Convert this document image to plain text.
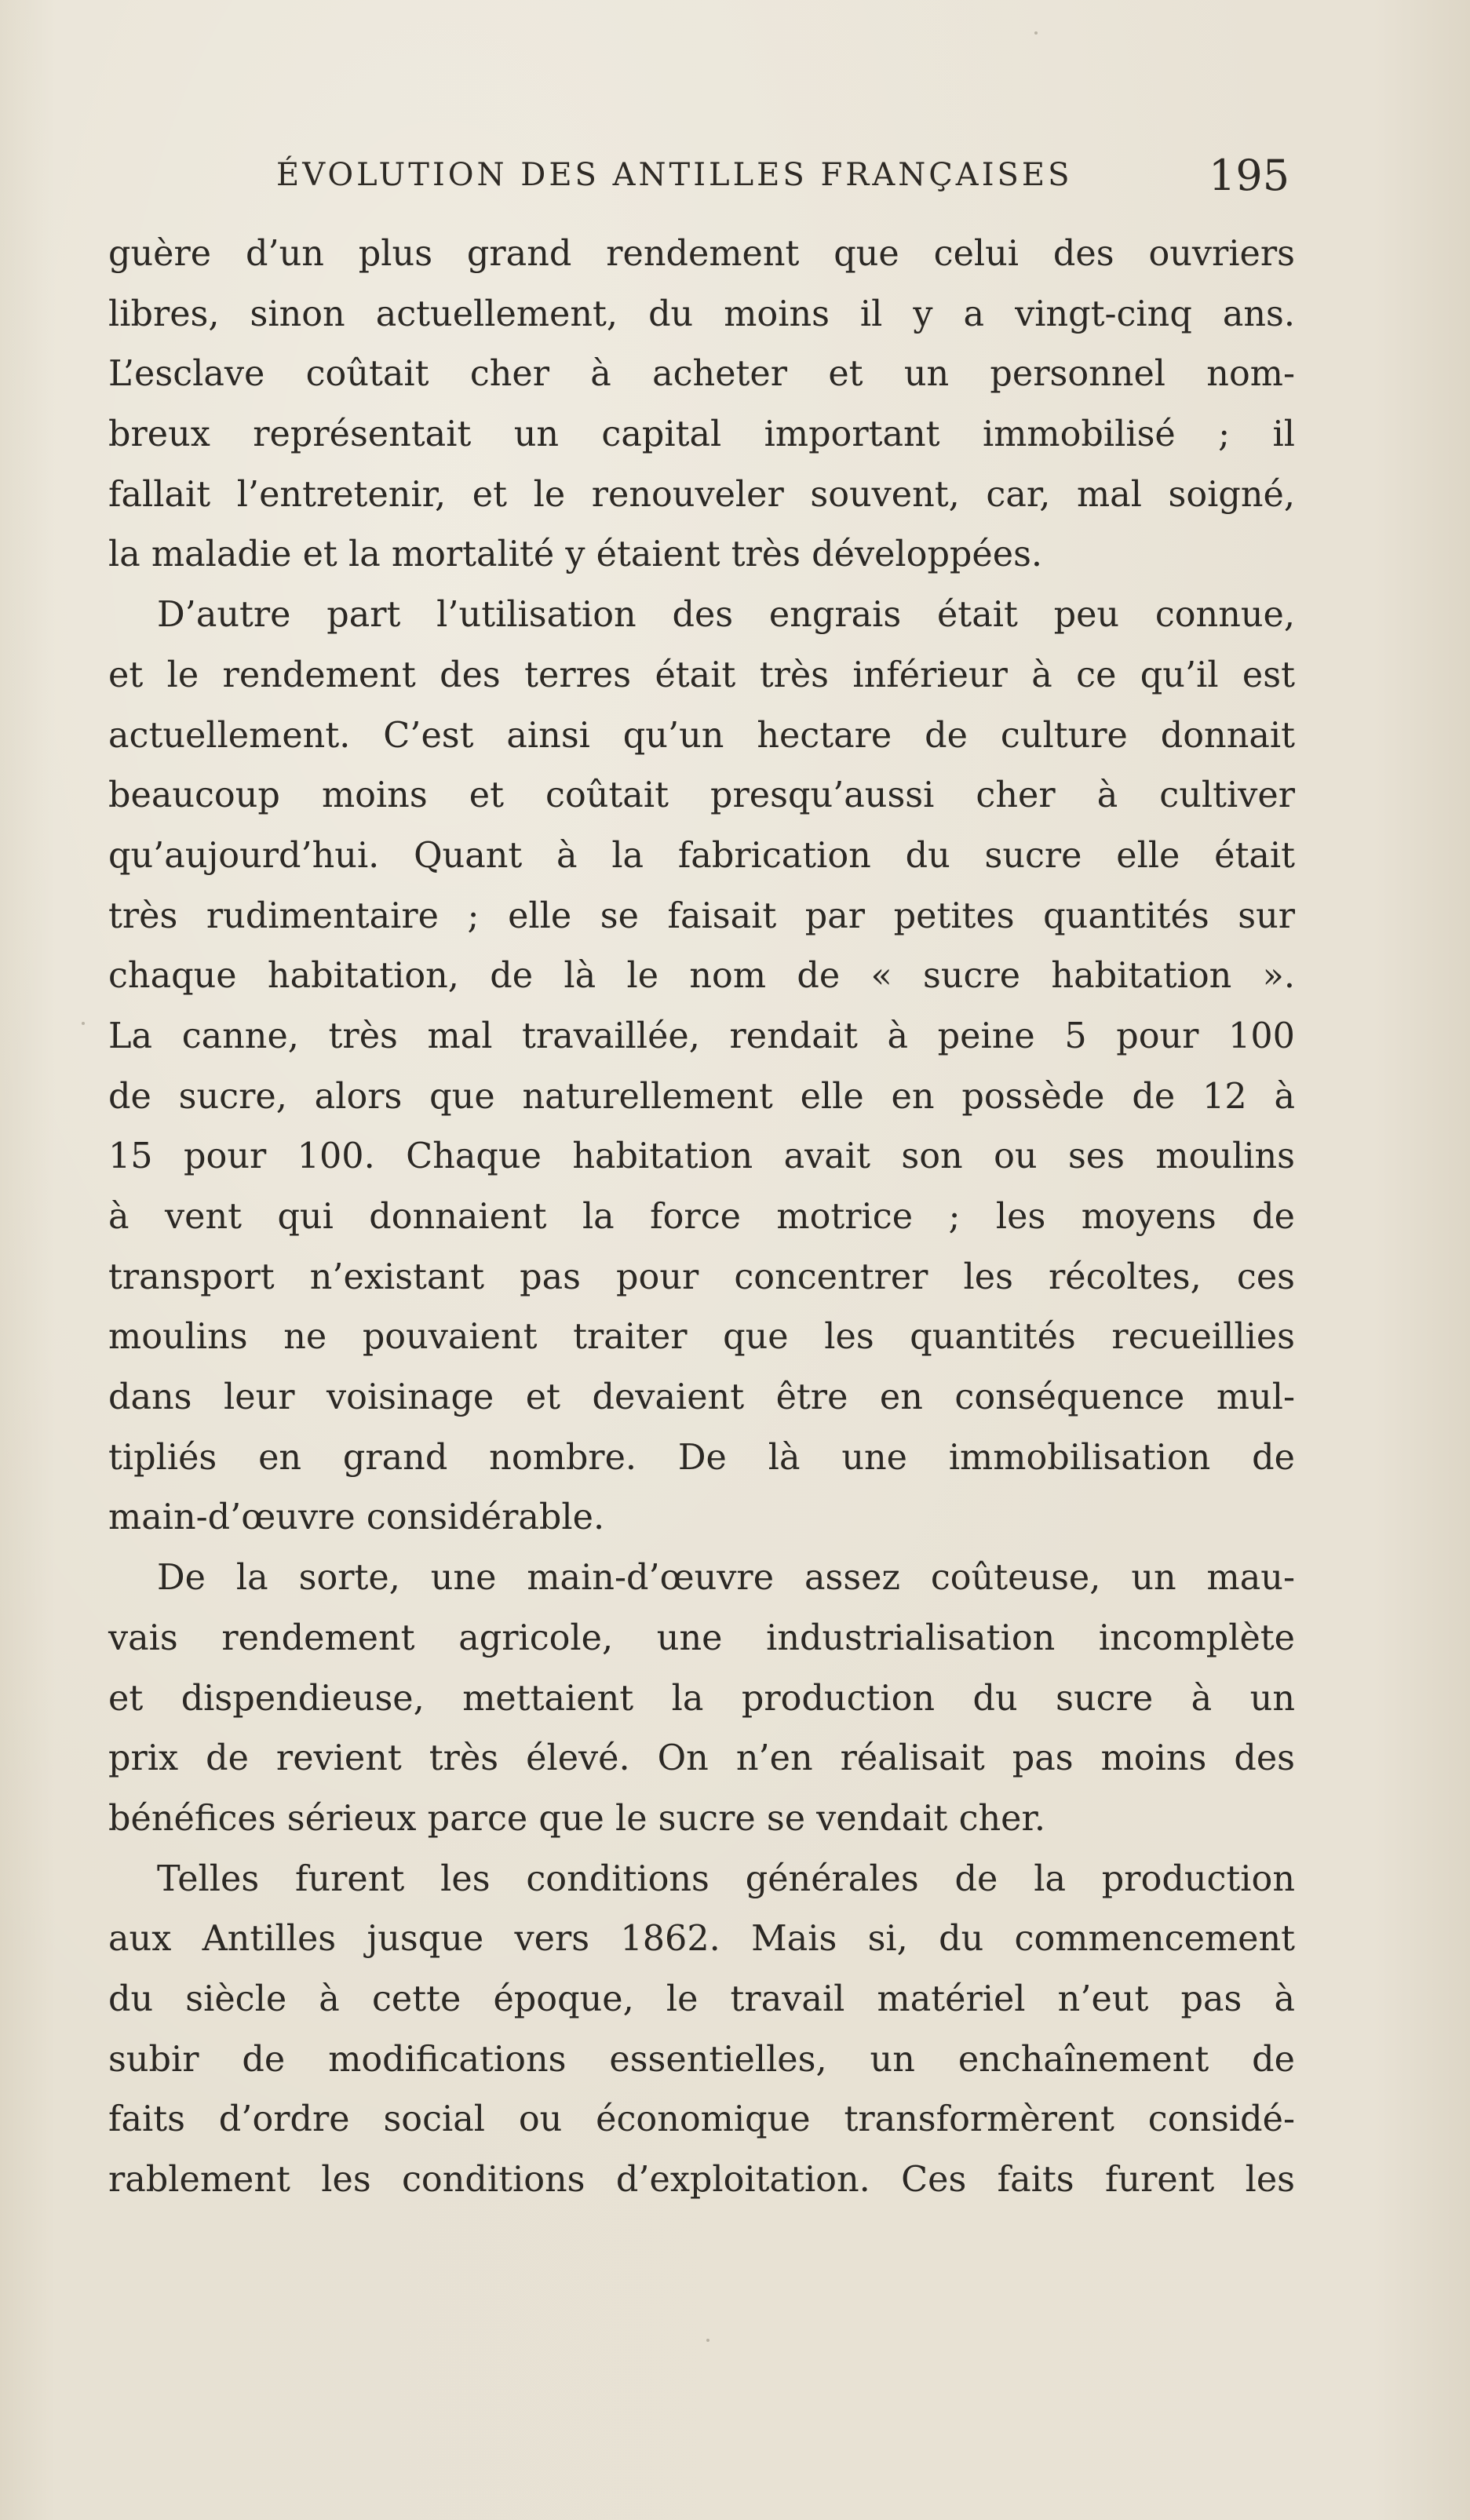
ÉVOLUTION DES ANTILLES FRANÇAISES	195
guère d’un plus grand rendement que celui des ouvriers
libres, sinon actuellement, du moins il y a vingt-cinq ans.
L’esclave coûtait cher à acheter et un personnel nom-
breux représentait un capital important immobilisé ; il
fallait l’entretenir, et le renouveler souvent, car, mal soigné,
la maladie et la mortalité y étaient très développées.
D’autre part l’utilisation des engrais était peu connue,
et le rendement des terres était très inférieur à ce qu’il est
actuellement. C’est ainsi qu’un hectare de culture donnait
beaucoup moins et coûtait presqu’aussi cher à cultiver
qu’aujourd’hui. Quant à la fabrication du sucre elle était
très rudimentaire ; elle se faisait par petites quantités sur
chaque habitation, de là le nom de « sucre habitation ».
La canne, très mal travaillée, rendait à peine 5 pour 100
de sucre, alors que naturellement elle en possède de 12 à
15 pour 100. Chaque habitation avait son ou ses moulins
à vent qui donnaient la force motrice ; les moyens de
transport n’existant pas pour concentrer les récoltes, ces
moulins ne pouvaient traiter que les quantités recueillies
dans leur voisinage et devaient être en conséquence mul-
tipliés en grand nombre. De là une immobilisation de
main-d’œuvre considérable.
De la sorte, une main-d’œuvre assez coûteuse, un mau-
vais rendement agricole, une industrialisation incomplète
et dispendieuse, mettaient la production du sucre à un
prix de revient très élevé. On n’en réalisait pas moins des
bénéfices sérieux parce que le sucre se vendait cher.
Telles furent les conditions générales de la production
aux Antilles jusque vers 1862. Mais si, du commencement
du siècle à cette époque, le travail matériel n’eut pas à
subir de modifications essentielles, un enchaînement de
faits d’ordre social ou économique transformèrent considé-
rablement les conditions d’exploitation. Ces faits furent les
